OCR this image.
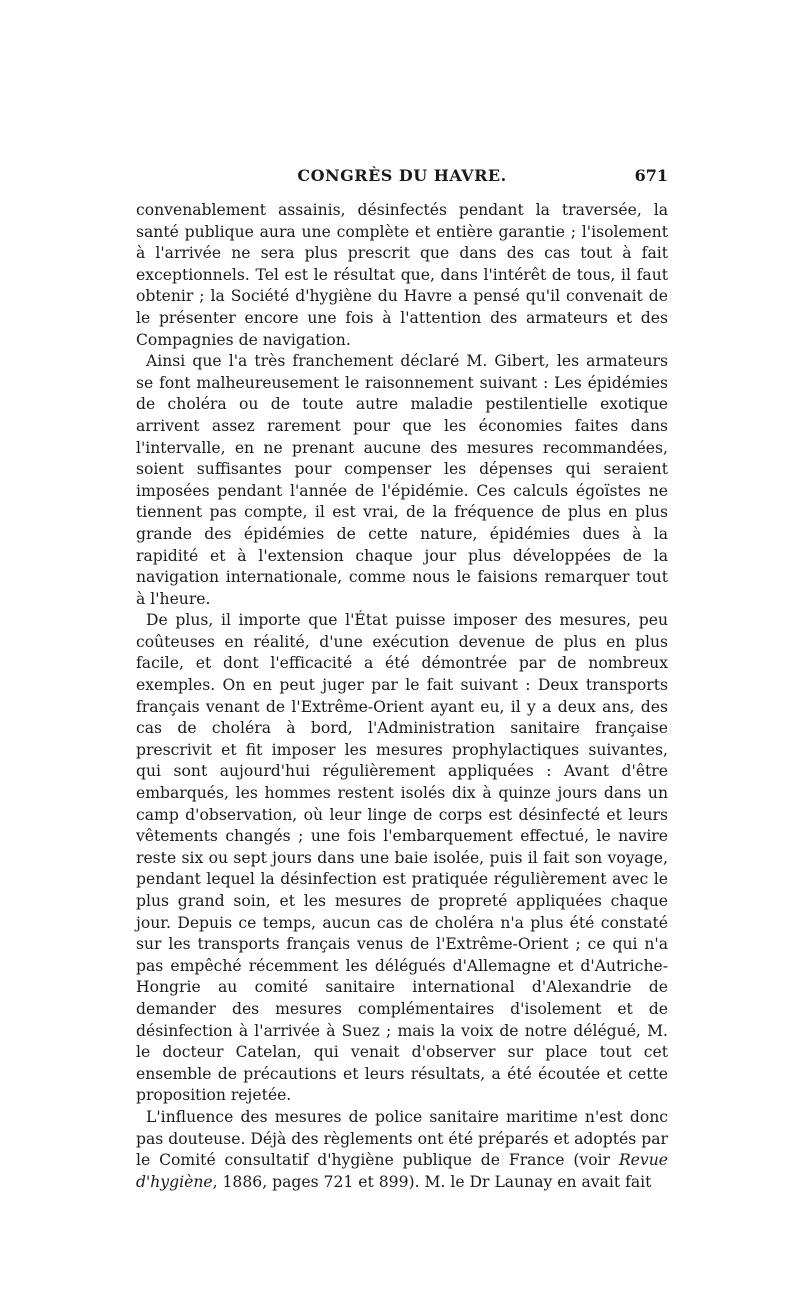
CONGRÈS DU HAVRE.	671

convenablement assainis, désinfectés pendant la traversée, la santé publique aura une complète et entière garantie ; l'isolement à l'arrivée ne sera plus prescrit que dans des cas tout à fait exceptionnels. Tel est le résultat que, dans l'intérêt de tous, il faut obtenir ; la Société d'hygiène du Havre a pensé qu'il convenait de le présenter encore une fois à l'attention des armateurs et des Compagnies de navigation.

Ainsi que l'a très franchement déclaré M. Gibert, les armateurs se font malheureusement le raisonnement suivant : Les épidémies de choléra ou de toute autre maladie pestilentielle exotique arrivent assez rarement pour que les économies faites dans l'intervalle, en ne prenant aucune des mesures recommandées, soient suffisantes pour compenser les dépenses qui seraient imposées pendant l'année de l'épidémie. Ces calculs égoïstes ne tiennent pas compte, il est vrai, de la fréquence de plus en plus grande des épidémies de cette nature, épidémies dues à la rapidité et à l'extension chaque jour plus développées de la navigation internationale, comme nous le faisions remarquer tout à l'heure.

De plus, il importe que l'État puisse imposer des mesures, peu coûteuses en réalité, d'une exécution devenue de plus en plus facile, et dont l'efficacité a été démontrée par de nombreux exemples. On en peut juger par le fait suivant : Deux transports français venant de l'Extrême-Orient ayant eu, il y a deux ans, des cas de choléra à bord, l'Administration sanitaire française prescrivit et fit imposer les mesures prophylactiques suivantes, qui sont aujourd'hui régulièrement appliquées : Avant d'être embarqués, les hommes restent isolés dix à quinze jours dans un camp d'observation, où leur linge de corps est désinfecté et leurs vêtements changés ; une fois l'embarquement effectué, le navire reste six ou sept jours dans une baie isolée, puis il fait son voyage, pendant lequel la désinfection est pratiquée régulièrement avec le plus grand soin, et les mesures de propreté appliquées chaque jour. Depuis ce temps, aucun cas de choléra n'a plus été constaté sur les transports français venus de l'Extrême-Orient ; ce qui n'a pas empêché récemment les délégués d'Allemagne et d'Autriche-Hongrie au comité sanitaire international d'Alexandrie de demander des mesures complémentaires d'isolement et de désinfection à l'arrivée à Suez ; mais la voix de notre délégué, M. le docteur Catelan, qui venait d'observer sur place tout cet ensemble de précautions et leurs résultats, a été écoutée et cette proposition rejetée.

L'influence des mesures de police sanitaire maritime n'est donc pas douteuse. Déjà des règlements ont été préparés et adoptés par le Comité consultatif d'hygiène publique de France (voir Revue d'hygiène, 1886, pages 721 et 899). M. le Dr Launay en avait fait
